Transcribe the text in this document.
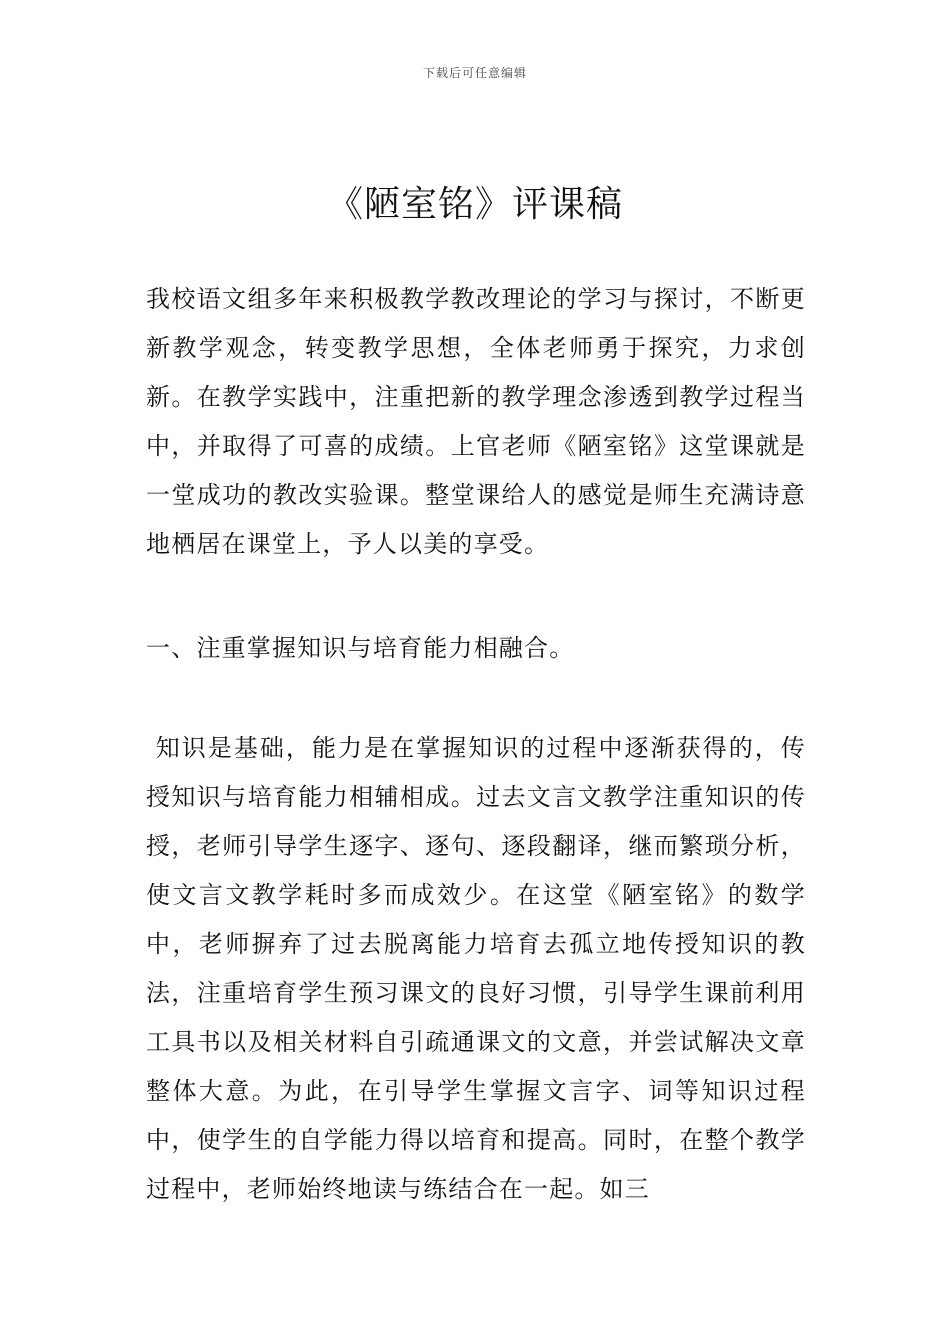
下载后可任意编辑
《陋室铭》评课稿

我校语文组多年来积极教学教改理论的学习与探讨，不断更新教学观念，转变教学思想，全体老师勇于探究，力求创新。在教学实践中，注重把新的教学理念渗透到教学过程当中，并取得了可喜的成绩。上官老师《陋室铭》这堂课就是一堂成功的教改实验课。整堂课给人的感觉是师生充满诗意地栖居在课堂上，予人以美的享受。

一、注重掌握知识与培育能力相融合。

知识是基础，能力是在掌握知识的过程中逐渐获得的，传授知识与培育能力相辅相成。过去文言文教学注重知识的传授，老师引导学生逐字、逐句、逐段翻译，继而繁琐分析，使文言文教学耗时多而成效少。在这堂《陋室铭》的数学中，老师摒弃了过去脱离能力培育去孤立地传授知识的教法，注重培育学生预习课文的良好习惯，引导学生课前利用工具书以及相关材料自引疏通课文的文意，并尝试解决文章整体大意。为此，在引导学生掌握文言字、词等知识过程中，使学生的自学能力得以培育和提高。同时，在整个教学过程中，老师始终地读与练结合在一起。如三
